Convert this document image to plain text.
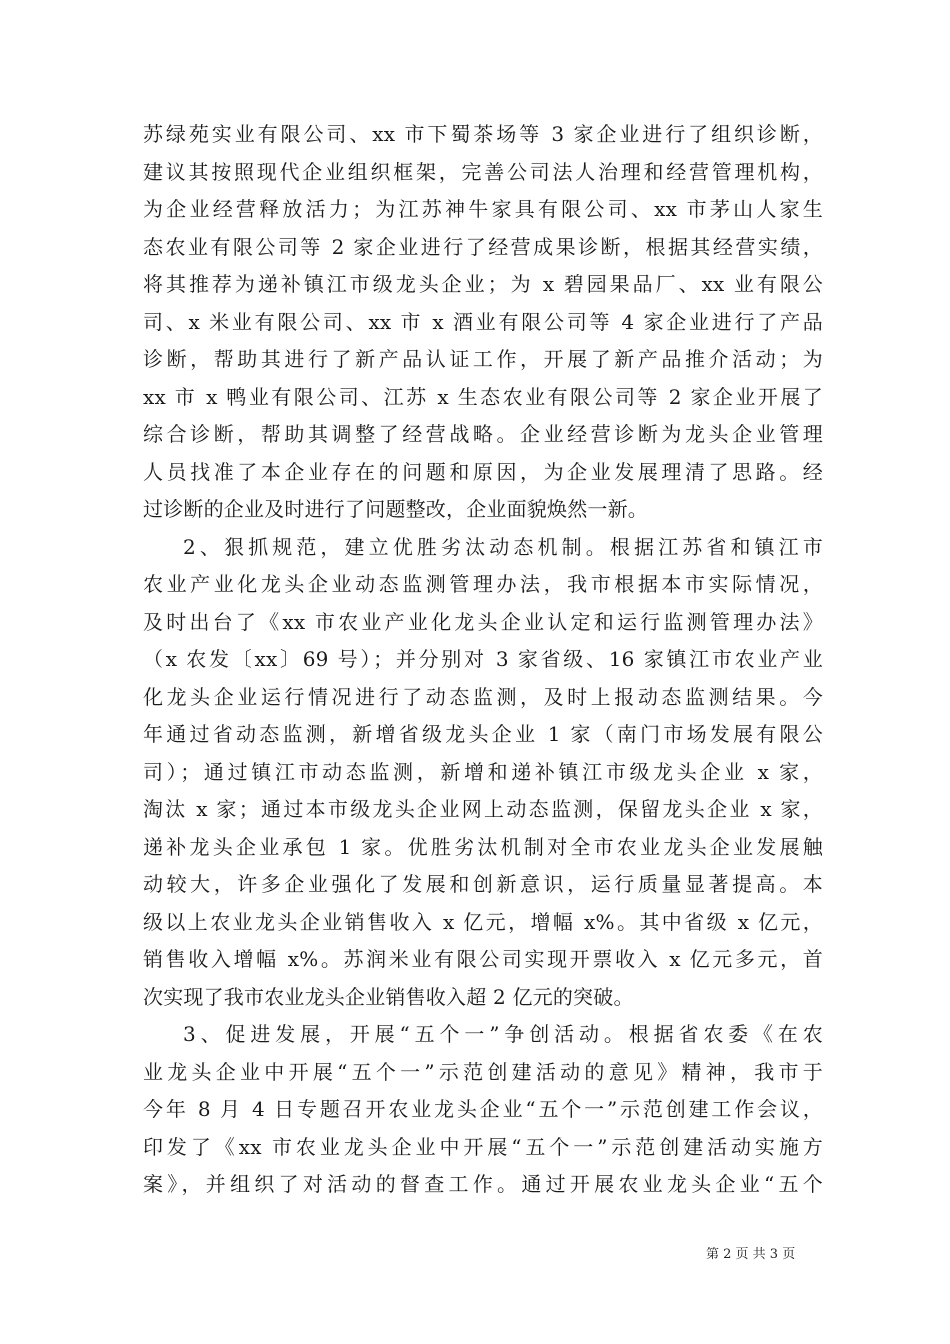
苏绿苑实业有限公司、xx 市下蜀茶场等 3 家企业进行了组织诊断，
建议其按照现代企业组织框架，完善公司法人治理和经营管理机构，
为企业经营释放活力；为江苏神牛家具有限公司、xx 市茅山人家生
态农业有限公司等 2 家企业进行了经营成果诊断，根据其经营实绩，
将其推荐为递补镇江市级龙头企业；为 x 碧园果品厂、xx 业有限公
司、x 米业有限公司、xx 市 x 酒业有限公司等 4 家企业进行了产品
诊断，帮助其进行了新产品认证工作，开展了新产品推介活动；为
xx 市 x 鸭业有限公司、江苏 x 生态农业有限公司等 2 家企业开展了
综合诊断，帮助其调整了经营战略。企业经营诊断为龙头企业管理
人员找准了本企业存在的问题和原因，为企业发展理清了思路。经
过诊断的企业及时进行了问题整改，企业面貌焕然一新。
2、狠抓规范，建立优胜劣汰动态机制。根据江苏省和镇江市
农业产业化龙头企业动态监测管理办法，我市根据本市实际情况，
及时出台了《xx 市农业产业化龙头企业认定和运行监测管理办法》
（x 农发〔xx〕69 号）；并分别对 3 家省级、16 家镇江市农业产业
化龙头企业运行情况进行了动态监测，及时上报动态监测结果。今
年通过省动态监测，新增省级龙头企业 1 家（南门市场发展有限公
司）；通过镇江市动态监测，新增和递补镇江市级龙头企业 x 家，
淘汰 x 家；通过本市级龙头企业网上动态监测，保留龙头企业 x 家，
递补龙头企业承包 1 家。优胜劣汰机制对全市农业龙头企业发展触
动较大，许多企业强化了发展和创新意识，运行质量显著提高。本
级以上农业龙头企业销售收入 x 亿元，增幅 x%。其中省级 x 亿元，
销售收入增幅 x%。苏润米业有限公司实现开票收入 x 亿元多元，首
次实现了我市农业龙头企业销售收入超 2 亿元的突破。
3、促进发展，开展“五个一”争创活动。根据省农委《在农
业龙头企业中开展“五个一”示范创建活动的意见》精神，我市于
今年 8 月 4 日专题召开农业龙头企业“五个一”示范创建工作会议，
印发了《xx 市农业龙头企业中开展“五个一”示范创建活动实施方
案》，并组织了对活动的督查工作。通过开展农业龙头企业“五个
第 2 页 共 3 页
